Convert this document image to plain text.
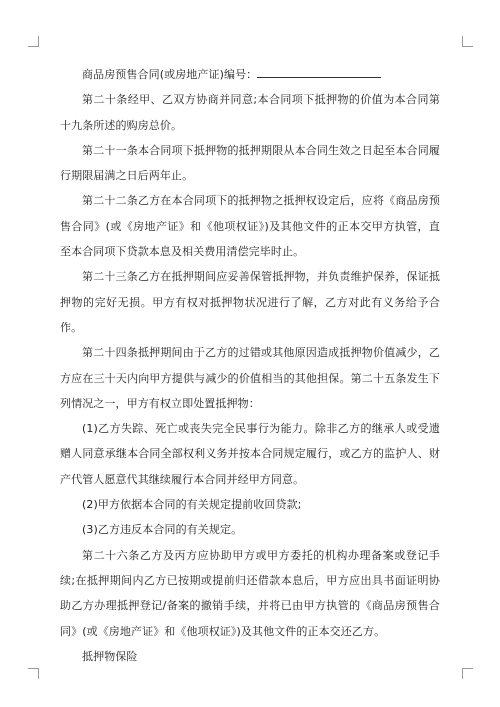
商品房预售合同(或房地产证)编号：

第二十条经甲、乙双方协商并同意;本合同项下抵押物的价值为本合同第十九条所述的购房总价。

第二十一条本合同项下抵押物的抵押期限从本合同生效之日起至本合同履行期限届满之日后两年止。

第二十二条乙方在本合同项下的抵押物之抵押权设定后，应将《商品房预售合同》(或《房地产证》和《他项权证》)及其他文件的正本交甲方执管，直至本合同项下贷款本息及相关费用清偿完毕时止。

第二十三条乙方在抵押期间应妥善保管抵押物，并负责维护保养，保证抵押物的完好无损。甲方有权对抵押物状况进行了解，乙方对此有义务给予合作。

第二十四条抵押期间由于乙方的过错或其他原因造成抵押物价值减少，乙方应在三十天内向甲方提供与减少的价值相当的其他担保。第二十五条发生下列情况之一，甲方有权立即处置抵押物：

(1)乙方失踪、死亡或丧失完全民事行为能力。除非乙方的继承人或受遗赠人同意承继本合同全部权利义务并按本合同规定履行，或乙方的监护人、财产代管人愿意代其继续履行本合同并经甲方同意。

(2)甲方依据本合同的有关规定提前收回贷款;

(3)乙方违反本合同的有关规定。

第二十六条乙方及丙方应协助甲方或甲方委托的机构办理备案或登记手续;在抵押期间内乙方已按期或提前归还借款本息后，甲方应出具书面证明协助乙方办理抵押登记/备案的撤销手续，并将已由甲方执管的《商品房预售合同》(或《房地产证》和《他项权证》)及其他文件的正本交还乙方。

抵押物保险
